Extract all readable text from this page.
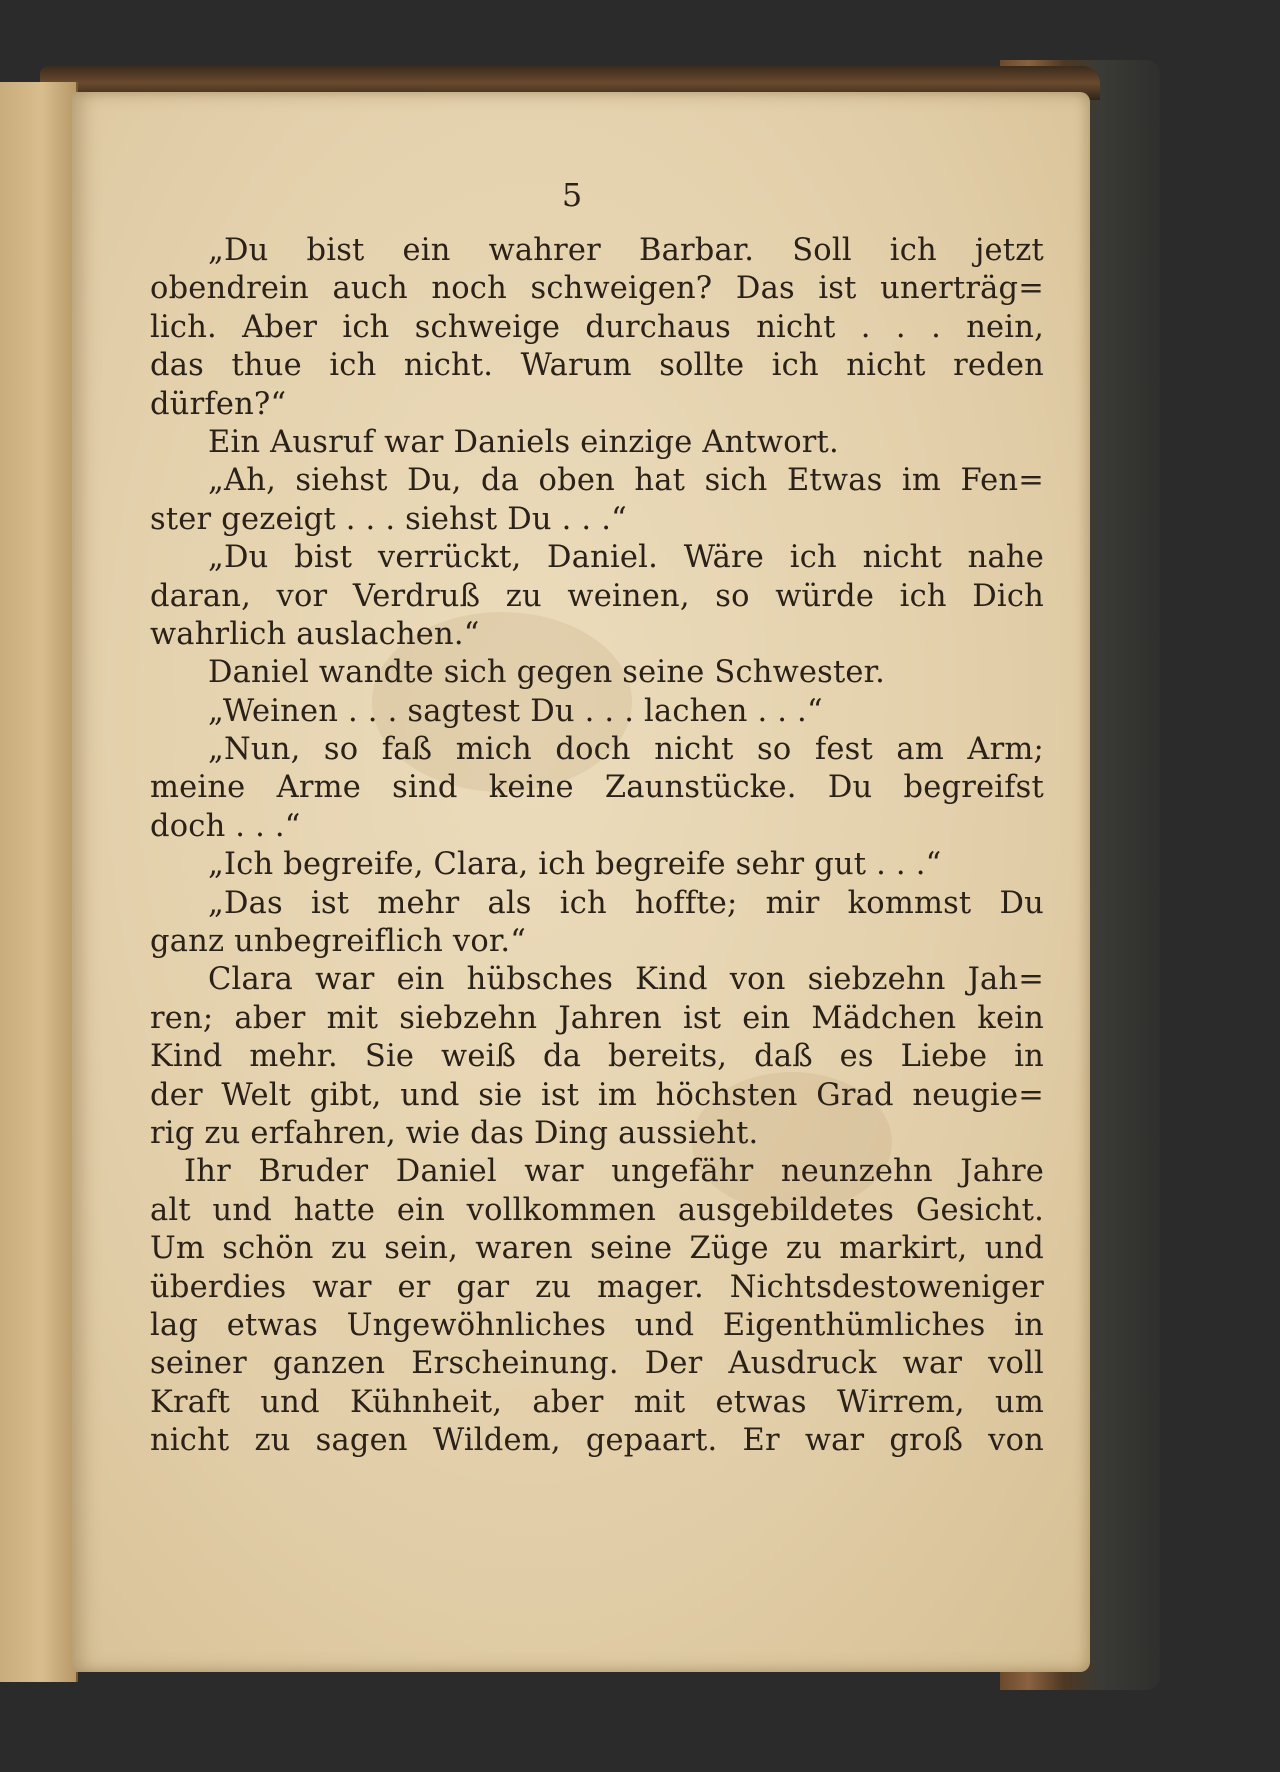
5
„Du bist ein wahrer Barbar. Soll ich jetzt
obendrein auch noch schweigen? Das ist unerträg=
lich. Aber ich schweige durchaus nicht . . . nein,
das thue ich nicht. Warum sollte ich nicht reden
dürfen?“
Ein Ausruf war Daniels einzige Antwort.
„Ah, siehst Du, da oben hat sich Etwas im Fen=
ster gezeigt . . . siehst Du . . .“
„Du bist verrückt, Daniel. Wäre ich nicht nahe
daran, vor Verdruß zu weinen, so würde ich Dich
wahrlich auslachen.“
Daniel wandte sich gegen seine Schwester.
„Weinen . . . sagtest Du . . . lachen . . .“
„Nun, so faß mich doch nicht so fest am Arm;
meine Arme sind keine Zaunstücke. Du begreifst
doch . . .“
„Ich begreife, Clara, ich begreife sehr gut . . .“
„Das ist mehr als ich hoffte; mir kommst Du
ganz unbegreiflich vor.“
Clara war ein hübsches Kind von siebzehn Jah=
ren; aber mit siebzehn Jahren ist ein Mädchen kein
Kind mehr. Sie weiß da bereits, daß es Liebe in
der Welt gibt, und sie ist im höchsten Grad neugie=
rig zu erfahren, wie das Ding aussieht.
Ihr Bruder Daniel war ungefähr neunzehn Jahre
alt und hatte ein vollkommen ausgebildetes Gesicht.
Um schön zu sein, waren seine Züge zu markirt, und
überdies war er gar zu mager. Nichtsdestoweniger
lag etwas Ungewöhnliches und Eigenthümliches in
seiner ganzen Erscheinung. Der Ausdruck war voll
Kraft und Kühnheit, aber mit etwas Wirrem, um
nicht zu sagen Wildem, gepaart. Er war groß von
